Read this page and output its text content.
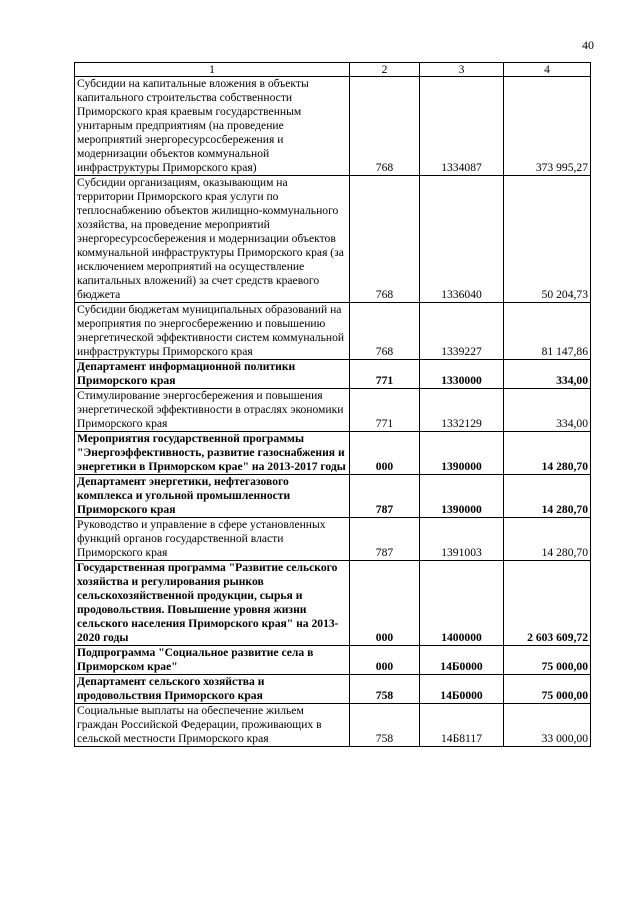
40
1	2	3	4
Субсидии на капитальные вложения в объекты капитального строительства собственности Приморского края краевым государственным унитарным предприятиям (на проведение мероприятий энергоресурсосбережения и модернизации объектов коммунальной инфраструктуры Приморского края)	768	1334087	373 995,27
Субсидии организациям, оказывающим на территории Приморского края услуги по теплоснабжению объектов жилищно-коммунального хозяйства, на проведение мероприятий энергоресурсосбережения и модернизации объектов коммунальной инфраструктуры Приморского края (за исключением мероприятий на осуществление капитальных вложений) за счет средств краевого бюджета	768	1336040	50 204,73
Субсидии бюджетам муниципальных образований на мероприятия по энергосбережению и повышению энергетической эффективности систем коммунальной инфраструктуры Приморского края	768	1339227	81 147,86
Департамент информационной политики Приморского края	771	1330000	334,00
Стимулирование энергосбережения и повышения энергетической эффективности в отраслях экономики Приморского края	771	1332129	334,00
Мероприятия государственной программы "Энергоэффективность, развитие газоснабжения и энергетики в Приморском крае" на 2013-2017 годы	000	1390000	14 280,70
Департамент энергетики, нефтегазового комплекса и угольной промышленности Приморского края	787	1390000	14 280,70
Руководство и управление в сфере установленных функций органов государственной власти Приморского края	787	1391003	14 280,70
Государственная программа "Развитие сельского хозяйства и регулирования рынков сельскохозяйственной продукции, сырья и продовольствия. Повышение уровня жизни сельского населения Приморского края" на 2013-2020 годы	000	1400000	2 603 609,72
Подпрограмма "Социальное развитие села в Приморском крае"	000	14Б0000	75 000,00
Департамент сельского хозяйства и продовольствия Приморского края	758	14Б0000	75 000,00
Социальные выплаты на обеспечение жильем граждан Российской Федерации, проживающих в сельской местности Приморского края	758	14Б8117	33 000,00
